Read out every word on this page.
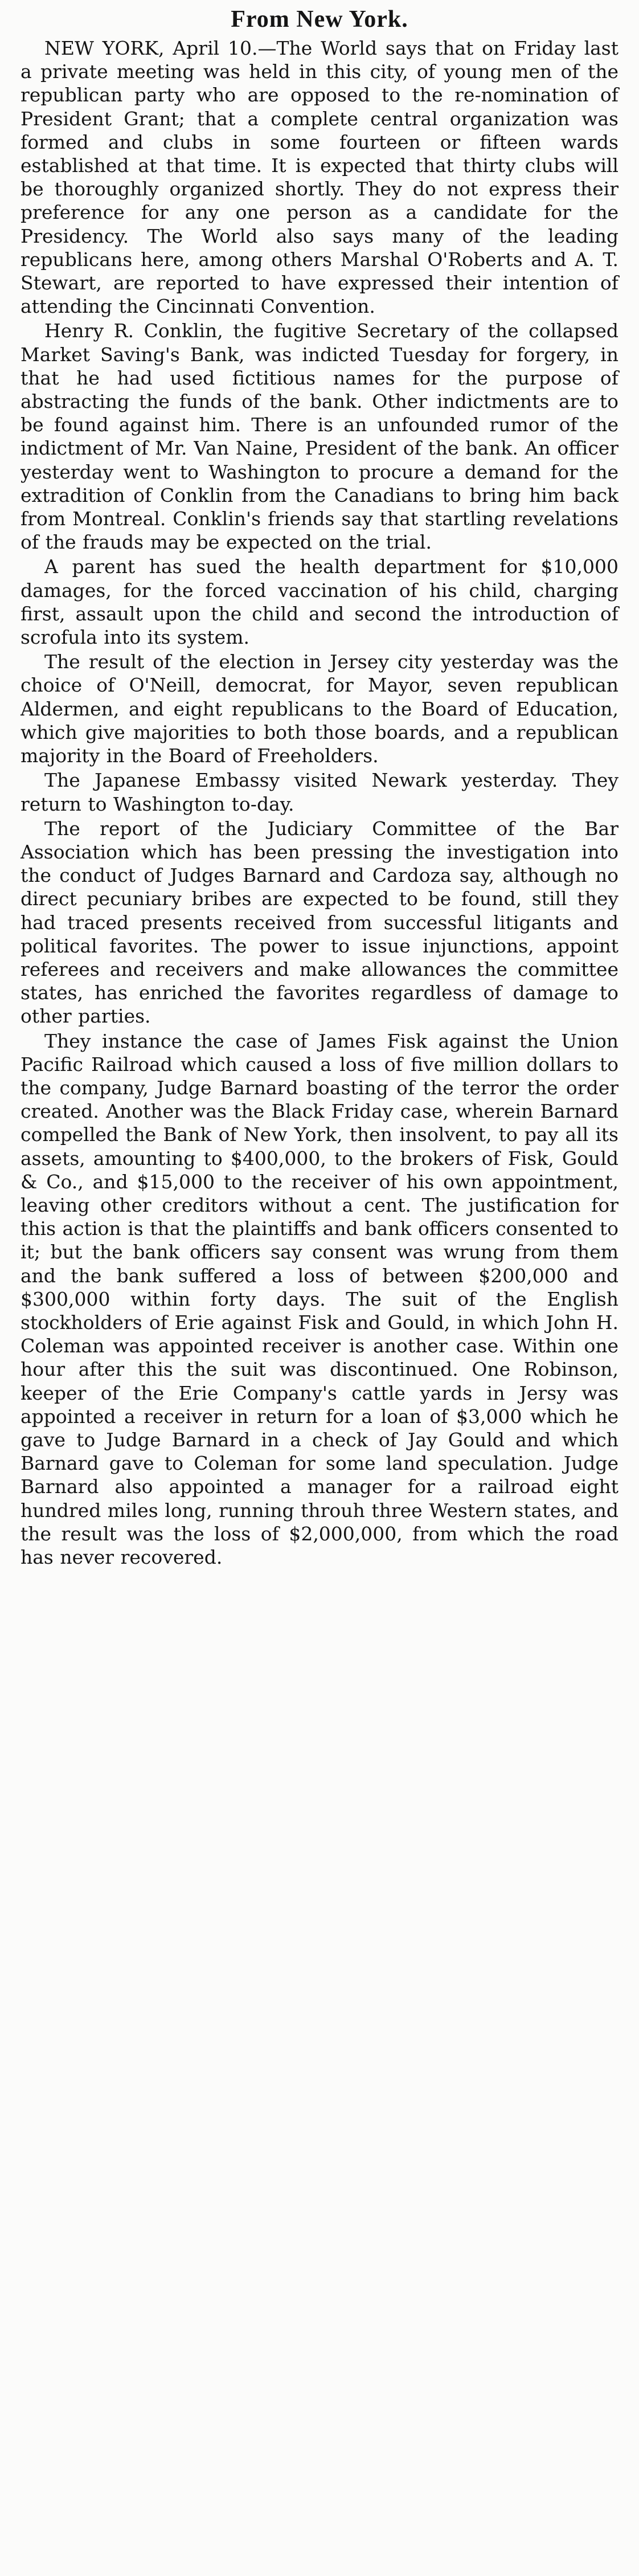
From New York.

NEW YORK, April 10.—The World says that on Friday last a private meeting was held in this city, of young men of the republican party who are opposed to the re-nomination of President Grant; that a complete central organization was formed and clubs in some fourteen or fifteen wards established at that time. It is expected that thirty clubs will be thoroughly organized shortly. They do not express their preference for any one person as a candidate for the Presidency. The World also says many of the leading republicans here, among others Marshal O'Roberts and A. T. Stewart, are reported to have expressed their intention of attending the Cincinnati Convention.

Henry R. Conklin, the fugitive Secretary of the collapsed Market Saving's Bank, was indicted Tuesday for forgery, in that he had used fictitious names for the purpose of abstracting the funds of the bank. Other indictments are to be found against him. There is an unfounded rumor of the indictment of Mr. Van Naine, President of the bank. An officer yesterday went to Washington to procure a demand for the extradition of Conklin from the Canadians to bring him back from Montreal. Conklin's friends say that startling revelations of the frauds may be expected on the trial.

A parent has sued the health department for $10,000 damages, for the forced vaccination of his child, charging first, assault upon the child and second the introduction of scrofula into its system.

The result of the election in Jersey city yesterday was the choice of O'Neill, democrat, for Mayor, seven republican Aldermen, and eight republicans to the Board of Education, which give majorities to both those boards, and a republican majority in the Board of Freeholders.

The Japanese Embassy visited Newark yesterday. They return to Washington to-day.

The report of the Judiciary Committee of the Bar Association which has been pressing the investigation into the conduct of Judges Barnard and Cardoza say, although no direct pecuniary bribes are expected to be found, still they had traced presents received from successful litigants and political favorites. The power to issue injunctions, appoint referees and receivers and make allowances the committee states, has enriched the favorites regardless of damage to other parties.

They instance the case of James Fisk against the Union Pacific Railroad which caused a loss of five million dollars to the company, Judge Barnard boasting of the terror the order created. Another was the Black Friday case, wherein Barnard compelled the Bank of New York, then insolvent, to pay all its assets, amounting to $400,000, to the brokers of Fisk, Gould & Co., and $15,000 to the receiver of his own appointment, leaving other creditors without a cent. The justification for this action is that the plaintiffs and bank officers consented to it; but the bank officers say consent was wrung from them and the bank suffered a loss of between $200,000 and $300,000 within forty days. The suit of the English stockholders of Erie against Fisk and Gould, in which John H. Coleman was appointed receiver is another case. Within one hour after this the suit was discontinued. One Robinson, keeper of the Erie Company's cattle yards in Jersy was appointed a receiver in return for a loan of $3,000 which he gave to Judge Barnard in a check of Jay Gould and which Barnard gave to Coleman for some land speculation. Judge Barnard also appointed a manager for a railroad eight hundred miles long, running throuh three Western states, and the result was the loss of $2,000,000, from which the road has never recovered.
